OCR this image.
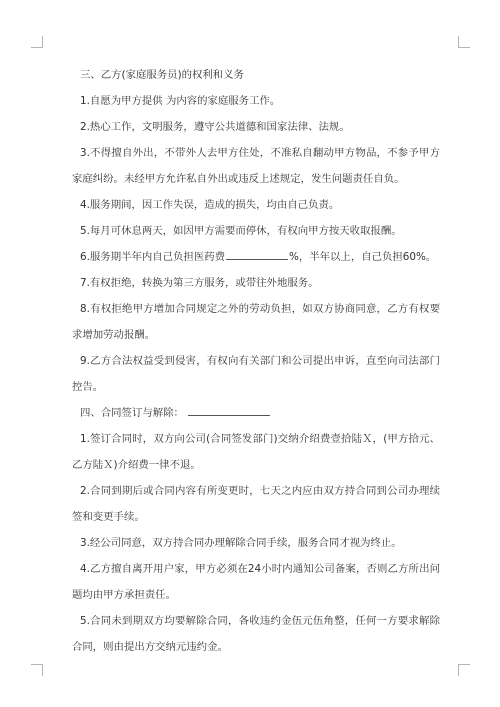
三、乙方(家庭服务员)的权利和义务
1.自愿为甲方提供 为内容的家庭服务工作。
2.热心工作，文明服务，遵守公共道德和国家法律、法规。
3.不得擅自外出，不带外人去甲方住处，不准私自翻动甲方物品，不参予甲方家庭纠纷。未经甲方允许私自外出或违反上述规定，发生问题责任自负。
4.服务期间，因工作失误，造成的损失，均由自己负责。
5.每月可休息两天，如因甲方需要而停休，有权向甲方按天收取报酬。
6.服务期半年内自己负担医药费	%，半年以上，自己负担60%。
7.有权拒绝，转换为第三方服务，或带往外地服务。
8.有权拒绝甲方增加合同规定之外的劳动负担，如双方协商同意，乙方有权要求增加劳动报酬。
9.乙方合法权益受到侵害，有权向有关部门和公司提出申诉，直至向司法部门控告。
四、合同签订与解除：
1.签订合同时，双方向公司(合同签发部门)交纳介绍费壹拾陆Ｘ，(甲方拾元、乙方陆Ｘ)介绍费一律不退。
2.合同到期后或合同内容有所变更时，七天之内应由双方持合同到公司办理续签和变更手续。
3.经公司同意，双方持合同办理解除合同手续，服务合同才视为终止。
4.乙方擅自离开用户家，甲方必须在24小时内通知公司备案，否则乙方所出问题均由甲方承担责任。
5.合同未到期双方均要解除合同，各收违约金伍元伍角整，任何一方要求解除合同，则由提出方交纳元违约金。
